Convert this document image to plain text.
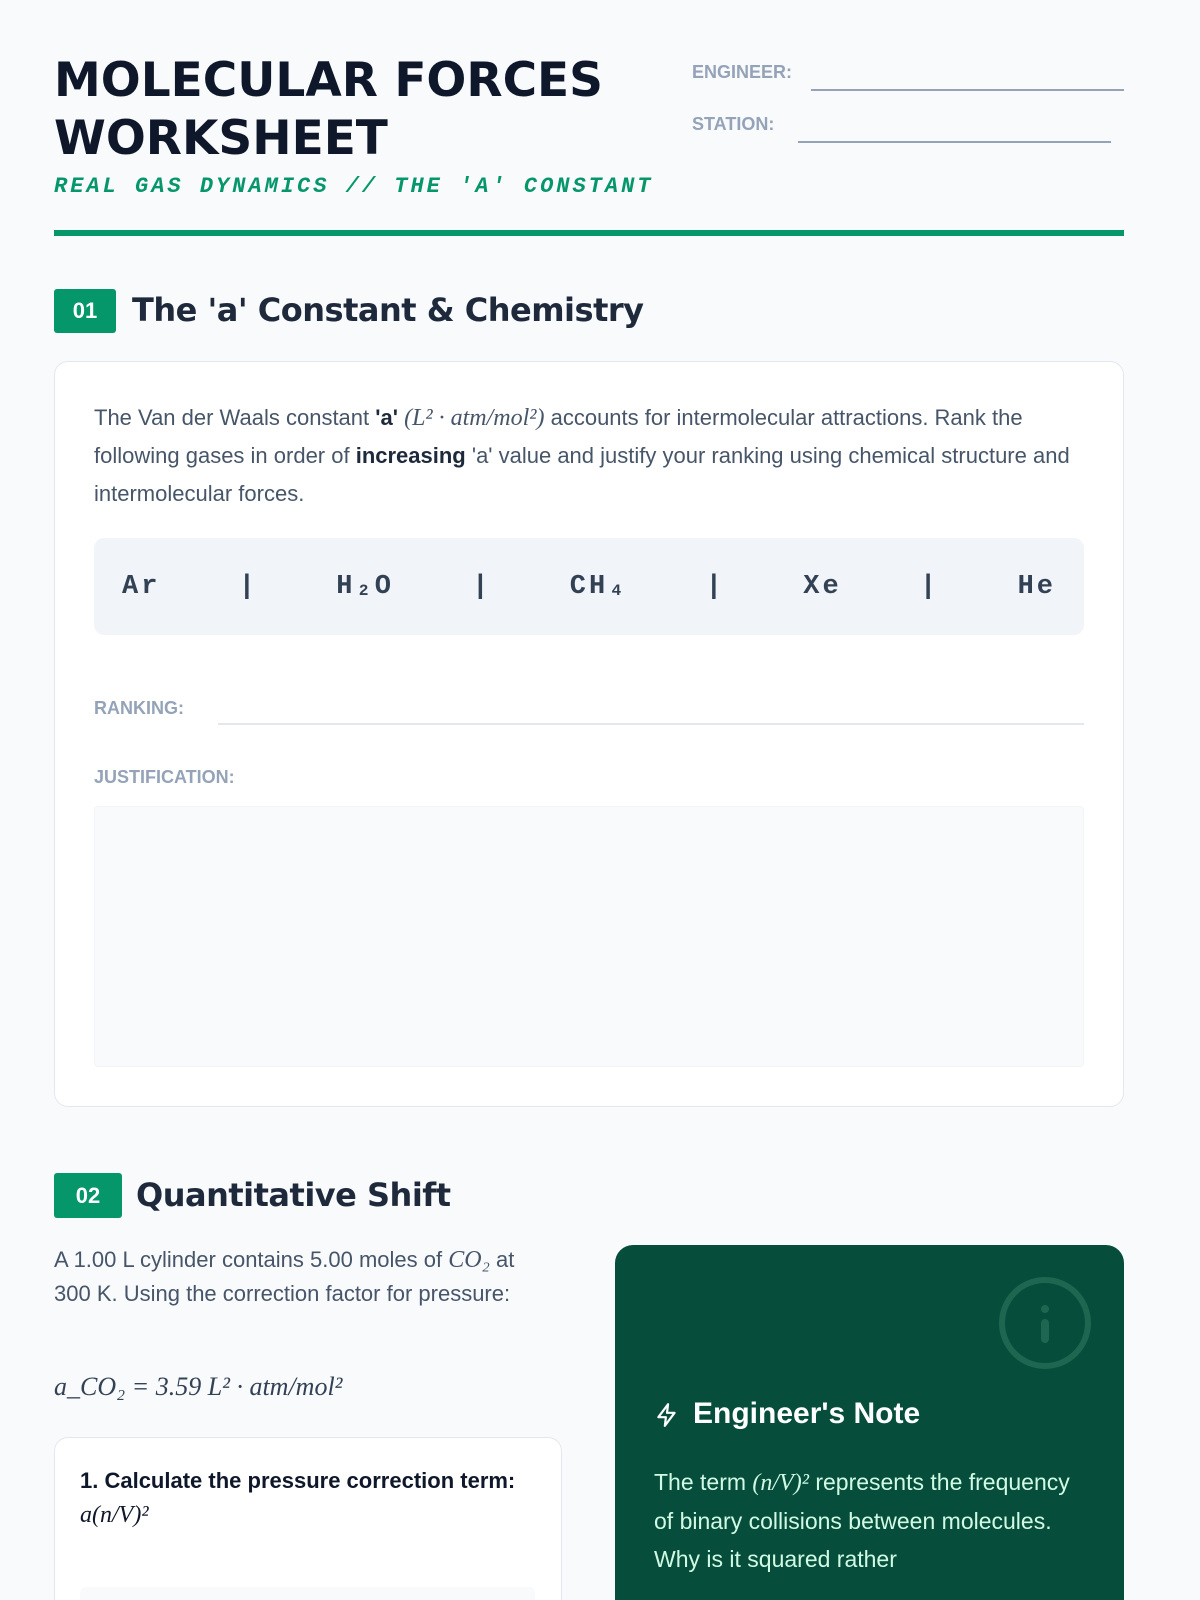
MOLECULAR FORCES
WORKSHEET
REAL GAS DYNAMICS // THE 'A' CONSTANT
ENGINEER:
STATION:
01	The 'a' Constant & Chemistry
The Van der Waals constant 'a' (L² · atm/mol²) accounts for intermolecular attractions. Rank the following gases in order of increasing 'a' value and justify your ranking using chemical structure and intermolecular forces.
Ar	|	H₂O	|	CH₄	|	Xe	|	He
RANKING:
JUSTIFICATION:
02	Quantitative Shift
A 1.00 L cylinder contains 5.00 moles of CO₂ at 300 K. Using the correction factor for pressure:
a_CO₂ = 3.59 L² · atm/mol²
1. Calculate the pressure correction term: a(n/V)²
Engineer's Note
The term (n/V)² represents the frequency of binary collisions between molecules. Why is it squared rather
